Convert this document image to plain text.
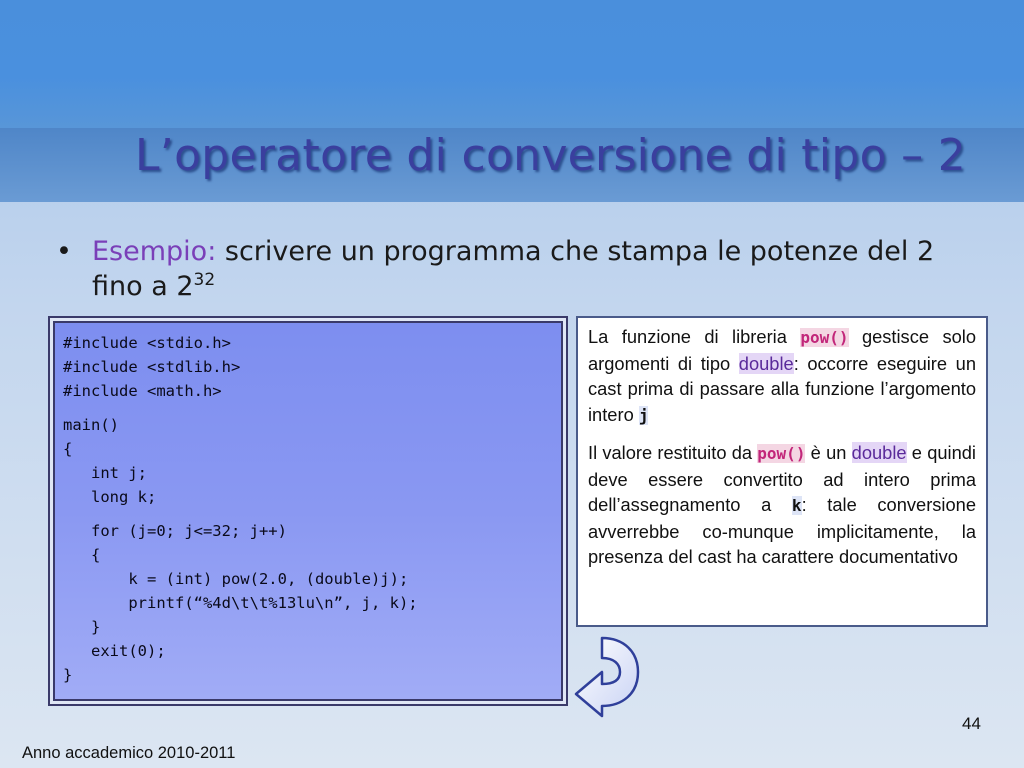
L’operatore di conversione di tipo – 2
• Esempio: scrivere un programma che stampa le potenze del 2
fino a $2^{32}$
#include <stdio.h>
#include <stdlib.h>
#include <math.h>
main()
{
int j;
long k;
for (j=0; j<=32; j++)
{
k = (int) pow(2.0, (double)j);
printf(“%4d\t\t%13lu\n”, j, k);
}
exit(0);
}

La funzione di libreria pow() gestisce solo argomenti di tipo double: occorre eseguire un cast prima di passare alla funzione l’argomento intero j

Il valore restituito da pow() è un double e quindi deve essere convertito ad intero prima dell’assegnamento a k: tale conversione avverrebbe co-munque implicitamente, la presenza del cast ha carattere documentativo

44
Anno accademico 2010-2011
